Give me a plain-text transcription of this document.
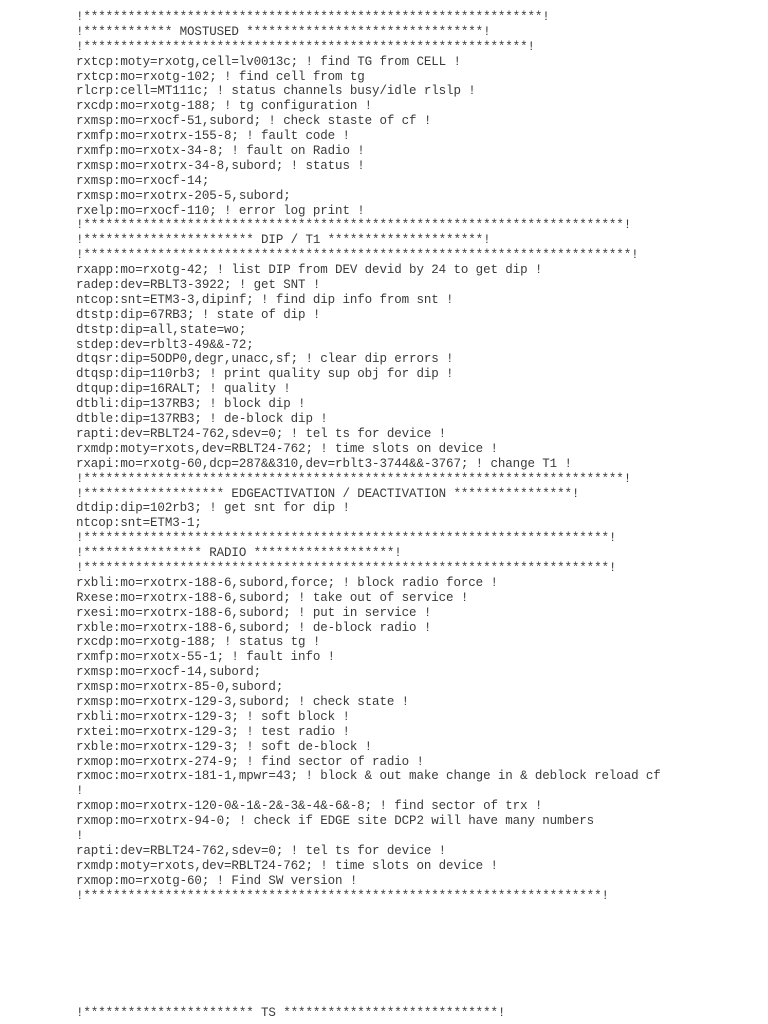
!**************************************************************!
!************ MOSTUSED ********************************!
!************************************************************!
rxtcp:moty=rxotg,cell=lv0013c; ! find TG from CELL !
rxtcp:mo=rxotg-102; ! find cell from tg
rlcrp:cell=MT111c; ! status channels busy/idle rlslp !
rxcdp:mo=rxotg-188; ! tg configuration !
rxmsp:mo=rxocf-51,subord; ! check staste of cf !
rxmfp:mo=rxotrx-155-8; ! fault code !
rxmfp:mo=rxotx-34-8; ! fault on Radio !
rxmsp:mo=rxotrx-34-8,subord; ! status !
rxmsp:mo=rxocf-14;
rxmsp:mo=rxotrx-205-5,subord;
rxelp:mo=rxocf-110; ! error log print !
!*************************************************************************!
!*********************** DIP / T1 *********************!
!**************************************************************************!
rxapp:mo=rxotg-42; ! list DIP from DEV devid by 24 to get dip !
radep:dev=RBLT3-3922; ! get SNT !
ntcop:snt=ETM3-3,dipinf; ! find dip info from snt !
dtstp:dip=67RB3; ! state of dip !
dtstp:dip=all,state=wo;
stdep:dev=rblt3-49&&-72;
dtqsr:dip=5ODP0,degr,unacc,sf; ! clear dip errors !
dtqsp:dip=110rb3; ! print quality sup obj for dip !
dtqup:dip=16RALT; ! quality !
dtbli:dip=137RB3; ! block dip !
dtble:dip=137RB3; ! de-block dip !
rapti:dev=RBLT24-762,sdev=0; ! tel ts for device !
rxmdp:moty=rxots,dev=RBLT24-762; ! time slots on device !
rxapi:mo=rxotg-60,dcp=287&&310,dev=rblt3-3744&&-3767; ! change T1 !
!*************************************************************************!
!******************* EDGEACTIVATION / DEACTIVATION ****************!
dtdip:dip=102rb3; ! get snt for dip !
ntcop:snt=ETM3-1;
!***********************************************************************!
!**************** RADIO *******************!
!***********************************************************************!
rxbli:mo=rxotrx-188-6,subord,force; ! block radio force !
Rxese:mo=rxotrx-188-6,subord; ! take out of service !
rxesi:mo=rxotrx-188-6,subord; ! put in service !
rxble:mo=rxotrx-188-6,subord; ! de-block radio !
rxcdp:mo=rxotg-188; ! status tg !
rxmfp:mo=rxotx-55-1; ! fault info !
rxmsp:mo=rxocf-14,subord;
rxmsp:mo=rxotrx-85-0,subord;
rxmsp:mo=rxotrx-129-3,subord; ! check state !
rxbli:mo=rxotrx-129-3; ! soft block !
rxtei:mo=rxotrx-129-3; ! test radio !
rxble:mo=rxotrx-129-3; ! soft de-block !
rxmop:mo=rxotrx-274-9; ! find sector of radio !
rxmoc:mo=rxotrx-181-1,mpwr=43; ! block & out make change in & deblock reload cf
!
rxmop:mo=rxotrx-120-0&-1&-2&-3&-4&-6&-8; ! find sector of trx !
rxmop:mo=rxotrx-94-0; ! check if EDGE site DCP2 will have many numbers
!
rapti:dev=RBLT24-762,sdev=0; ! tel ts for device !
rxmdp:moty=rxots,dev=RBLT24-762; ! time slots on device !
rxmop:mo=rxotg-60; ! Find SW version !
!**********************************************************************!
!*********************** TS *****************************!
